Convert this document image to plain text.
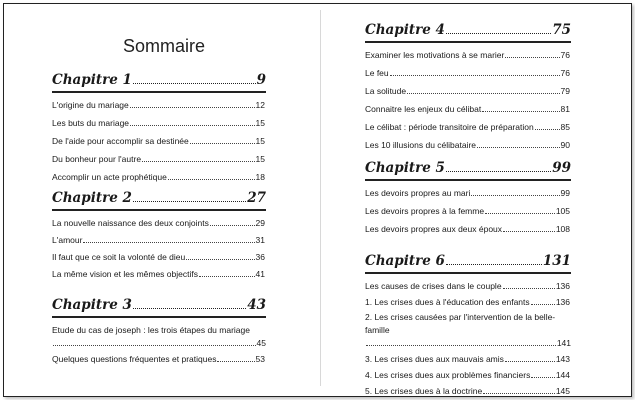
Sommaire
Chapitre 1	9
L'origine du mariage	12
Les buts du mariage	15
De l'aide pour accomplir sa destinée	15
Du bonheur pour l'autre	15
Accomplir un acte prophétique	18
Chapitre 2	27
La nouvelle naissance des deux conjoints	29
L'amour	31
Il faut que ce soit la volonté de dieu	36
La même vision et les mêmes objectifs	41
Chapitre 3	43
Etude du cas de joseph : les trois étapes du mariage
45
Quelques questions fréquentes et pratiques	53
Chapitre 4	75
Examiner les motivations à se marier	76
Le feu	76
La solitude	79
Connaitre les enjeux du célibat	81
Le célibat : période transitoire de préparation	85
Les 10 illusions du célibataire	90
Chapitre 5	99
Les devoirs propres au mari	99
Les devoirs propres à la femme	105
Les devoirs propres aux deux époux	108
Chapitre 6	131
Les causes de crises dans le couple	136
1. Les crises dues à l'éducation des enfants	136
2. Les crises causées par l'intervention de la belle-famille
141
3. Les crises dues aux mauvais amis	143
4. Les crises dues aux problèmes financiers	144
5. Les crises dues à la doctrine	145
